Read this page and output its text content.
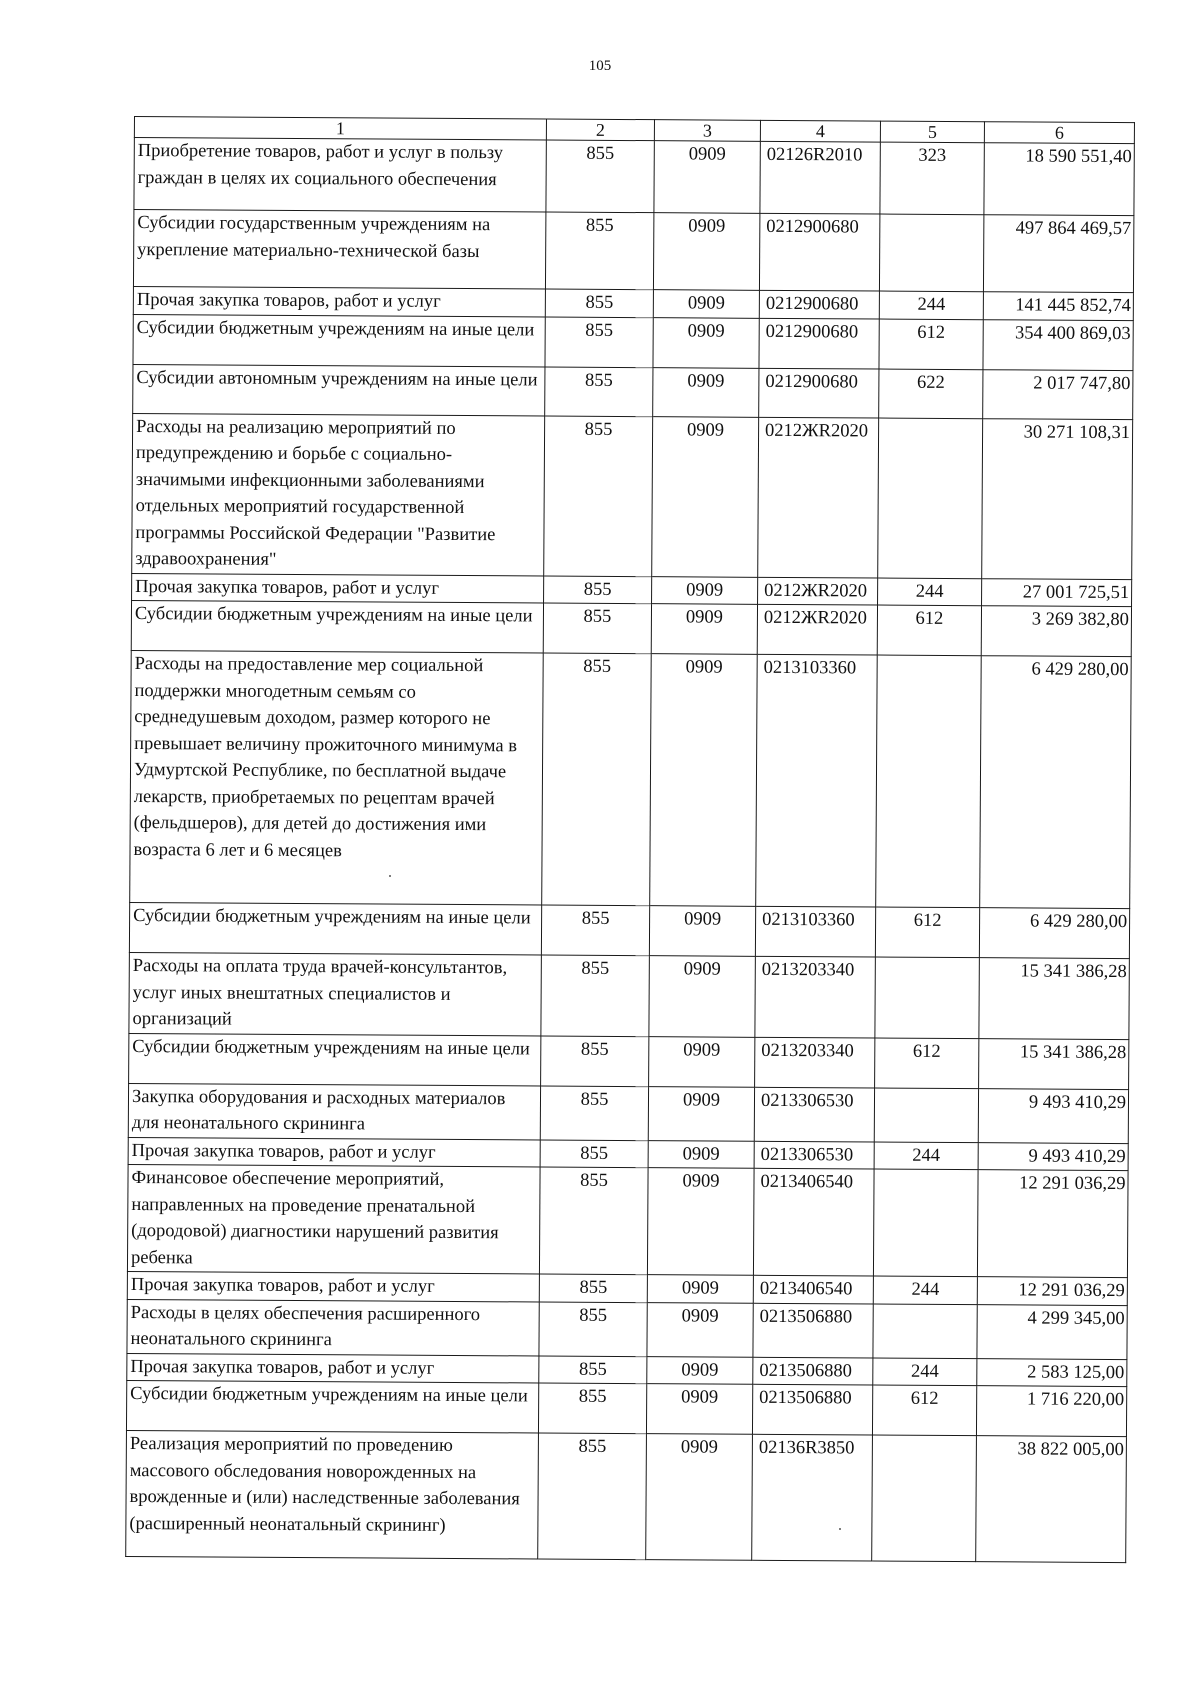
105
1	2	3	4	5	6
Приобретение товаров, работ и услуг в пользу граждан в целях их социального обеспечения	855	0909	02126R2010	323	18 590 551,40
Субсидии государственным учреждениям на укрепление материально-технической базы	855	0909	0212900680		497 864 469,57
Прочая закупка товаров, работ и услуг	855	0909	0212900680	244	141 445 852,74
Субсидии бюджетным учреждениям на иные цели	855	0909	0212900680	612	354 400 869,03
Субсидии автономным учреждениям на иные цели	855	0909	0212900680	622	2 017 747,80
Расходы на реализацию мероприятий по предупреждению и борьбе с социально-значимыми инфекционными заболеваниями отдельных мероприятий государственной программы Российской Федерации "Развитие здравоохранения"	855	0909	0212ЖR2020		30 271 108,31
Прочая закупка товаров, работ и услуг	855	0909	0212ЖR2020	244	27 001 725,51
Субсидии бюджетным учреждениям на иные цели	855	0909	0212ЖR2020	612	3 269 382,80
Расходы на предоставление мер социальной поддержки многодетным семьям со среднедушевым доходом, размер которого не превышает величину прожиточного минимума в Удмуртской Республике, по бесплатной выдаче лекарств, приобретаемых по рецептам врачей (фельдшеров), для детей до достижения ими возраста 6 лет и 6 месяцев	855	0909	0213103360		6 429 280,00
Субсидии бюджетным учреждениям на иные цели	855	0909	0213103360	612	6 429 280,00
Расходы на оплата труда врачей-консультантов, услуг иных внештатных специалистов и организаций	855	0909	0213203340		15 341 386,28
Субсидии бюджетным учреждениям на иные цели	855	0909	0213203340	612	15 341 386,28
Закупка оборудования и расходных материалов для неонатального скрининга	855	0909	0213306530		9 493 410,29
Прочая закупка товаров, работ и услуг	855	0909	0213306530	244	9 493 410,29
Финансовое обеспечение мероприятий, направленных на проведение пренатальной (дородовой) диагностики нарушений развития ребенка	855	0909	0213406540		12 291 036,29
Прочая закупка товаров, работ и услуг	855	0909	0213406540	244	12 291 036,29
Расходы в целях обеспечения расширенного неонатального скрининга	855	0909	0213506880		4 299 345,00
Прочая закупка товаров, работ и услуг	855	0909	0213506880	244	2 583 125,00
Субсидии бюджетным учреждениям на иные цели	855	0909	0213506880	612	1 716 220,00
Реализация мероприятий по проведению массового обследования новорожденных на врожденные и (или) наследственные заболевания (расширенный неонатальный скрининг)	855	0909	02136R3850		38 822 005,00
